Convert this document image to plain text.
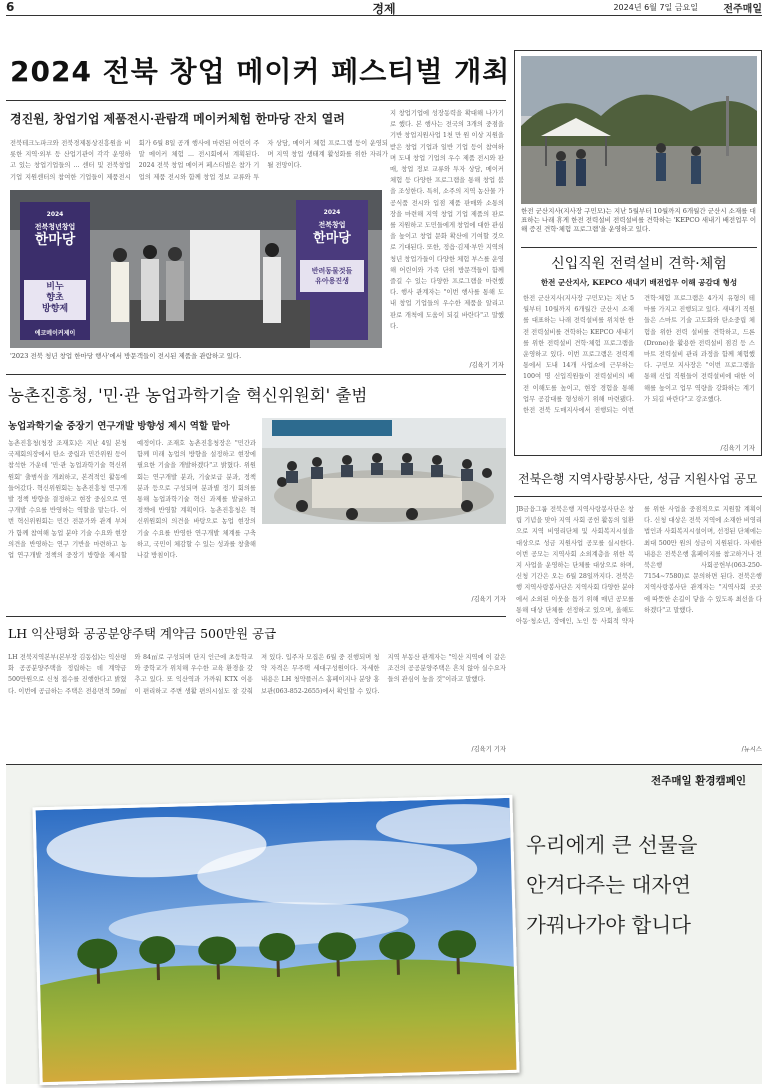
6	경제	2024년 6월 7일 금요일	전주매일
2024 전북 창업 메이커 페스티벌 개최
경진원, 창업기업 제품전시·관람객 메이커체험 한마당 잔치 열려
전북테크노파크와 전북경제통상진흥원을 비롯한 지역·외부 등 산업기관이 각각 운영하고 있는 창업기업들의 ... 센터 및 전북창업기업 지원센터의 참여한 기업들이 제품전시회가 6월 8일 공개 행사에 마련된 어린이 주말 메이커 체험 ... 전시회에서 계획된다. 2024 전북 창업 메이커 페스티벌은 참가 기업의 제품 전시와 함께 창업 정보 교류와 투자 상담, 메이커 체험 프로그램 등이 운영되며 지역 창업 생태계 활성화를 위한 자리가 될 전망이다.
2024
전북청년창업
한마당
비누
향초
방향제
에코메이커제이
2024
전북창업
한마당
반려동물것들
유아용진생
'2023 전북 청년 창업 한마당 행사'에서 방문객들이 전시된 제품을 관람하고 있다.
지 창업기업에 성장동력을 확대해 나가기로 했다. 본 행사는 전국의 3개의 중점을 기반 창업지원사업 1천 만 원 이상 지원을 받은 창업 기업과 일반 기업 등이 참여하며 도내 창업 기업의 우수 제품 전시와 판매, 창업 정보 교류와 투자 상담, 메이커 체험 등 다양한 프로그램을 통해 창업 붐을 조성한다. 특히, 소주의 지역 농산물 가공식품 전시와 입점 제품 판매와 소통의 장을 마련해 지역 창업 기업 제품의 판로를 지원하고 도민들에게 창업에 대한 관심을 높이고 창업 문화 확산에 기여할 것으로 기대된다. 또한, 정읍·김제·부안 지역의 청년 창업가들이 다양한 체험 부스를 운영해 어린이와 가족 단위 방문객들이 함께 즐길 수 있는 다양한 프로그램을 마련했다. 행사 관계자는 "이번 행사를 통해 도내 창업 기업들의 우수한 제품을 알리고 판로 개척에 도움이 되길 바란다"고 말했다.
/김육기 기자
한전 군산지사(지사장 구민모)는 지난 5월부터 10월까지 6개월간 군산시 소재를 대표하는 나래 휴게 한전 전력설비 전력설비를 견학하는 'KEPCO 새내기 배전업무 이해 증진 견학·체험 프로그램'을 운영하고 있다.
신입직원 전력설비 견학·체험
한전 군산지사, KEPCO 새내기 배전업무 이해 공감대 형성
한전 군산지사(지사장 구민모)는 지난 5월부터 10월까지 6개월간 군산시 소재를 대표하는 나래 전력설비를 위치한 한전 전력설비를 견학하는 KEPCO 새내기를 위한 전력설비 견학·체험 프로그램을 운영하고 있다. 이번 프로그램은 전력계통에서 도내 14개 사업소에 근무하는 100여 명 신입직원들이 전력설비의 배전 이해도를 높이고, 현장 경험을 통해 업무 공감대를 형성하기 위해 마련됐다. 한전 전북 도매지사에서 진행되는 이번 견학·체험 프로그램은 4가지 유형의 테마를 가지고 진행되고 있다. 새내기 직원들은 스마트 기술 고도화와 탄소중립 체험을 위한 전력 설비를 견학하고, 드론(Drone)을 활용한 전력설비 점검 등 스마트 전력설비 관리 과정을 함께 체험했다. 구민모 지사장은 "이번 프로그램을 통해 신입 직원들이 전력설비에 대한 이해를 높이고 업무 역량을 강화하는 계기가 되길 바란다"고 강조했다.
/김육기 기자
농촌진흥청, '민·관 농업과학기술 혁신위원회' 출범
농업과학기술 중장기 연구개발 방향성 제시 역할 맡아
농촌진흥청(청장 조재호)은 지난 4일 본청 국제회의장에서 탄소 중립과 민간위원 등이 참석한 가운데 '민·관 농업과학기술 혁신위원회' 출범식을 개최하고, 본격적인 활동에 들어갔다. 혁신위원회는 농촌진흥청 연구개발 정책 방향을 결정하고 현장 중심으로 연구개발 수요를 반영하는 역할을 맡는다. 이번 혁신위원회는 민간 전문가와 관계 부처가 함께 참여해 농업 분야 기술 수요와 현장 의견을 반영하는 연구 기반을 마련하고 농업 연구개발 정책의 중장기 방향을 제시할 예정이다. 조재호 농촌진흥청장은 "민간과 함께 미래 농업의 방향을 설정하고 현장에 필요한 기술을 개발하겠다"고 밝혔다. 위원회는 연구개발 분과, 기술보급 분과, 정책 분과 등으로 구성되며 분과별 정기 회의를 통해 농업과학기술 혁신 과제를 발굴하고 정책에 반영할 계획이다. 농촌진흥청은 혁신위원회의 의견을 바탕으로 농업 현장의 기술 수요를 반영한 연구개발 체계를 구축하고, 국민이 체감할 수 있는 성과를 창출해 나갈 방침이다.
/김육기 기자
전북은행 지역사랑봉사단, 성금 지원사업 공모
JB금융그룹 전북은행 지역사랑봉사단은 창립 기념을 맞아 지역 사회 공헌 활동의 일환으로 지역 비영리단체 및 사회복지시설을 대상으로 성금 지원사업 공모를 실시한다. 이번 공모는 지역사회 소외계층을 위한 복지 사업을 운영하는 단체를 대상으로 하며, 신청 기간은 오는 6월 28일까지다. 전북은행 지역사랑봉사단은 지역사회 다양한 분야에서 소외된 이웃을 돕기 위해 매년 공모를 통해 대상 단체를 선정하고 있으며, 올해도 아동·청소년, 장애인, 노인 등 사회적 약자를 위한 사업을 중점적으로 지원할 계획이다. 신청 대상은 전북 지역에 소재한 비영리 법인과 사회복지시설이며, 선정된 단체에는 최대 500만 원의 성금이 지원된다. 자세한 내용은 전북은행 홈페이지를 참고하거나 전북은행 사회공헌부(063-250-7154~7580)로 문의하면 된다. 전북은행 지역사랑봉사단 관계자는 "지역사회 곳곳에 따뜻한 손길이 닿을 수 있도록 최선을 다하겠다"고 말했다.
/뉴시스
LH 익산평화 공공분양주택 계약금 500만원 공급
LH 전북지역본부(본부장 김동섭)는 익산평화 공공분양주택을 정립하는 데 계약금 500만원으로 신청 접수를 진행한다고 밝혔다. 이번에 공급하는 주택은 전용면적 59㎡와 84㎡로 구성되며 단지 인근에 초등학교와 중학교가 위치해 우수한 교육 환경을 갖추고 있다. 또 익산역과 가까워 KTX 이용이 편리하고 주변 생활 편의시설도 잘 갖춰져 있다. 입주자 모집은 6월 중 진행되며 청약 자격은 무주택 세대구성원이다. 자세한 내용은 LH 청약플러스 홈페이지나 분양 홍보관(063-852-2655)에서 확인할 수 있다. 지역 부동산 관계자는 "익산 지역에 이 같은 조건의 공공분양주택은 흔치 않아 실수요자들의 관심이 높을 것"이라고 말했다.
/김육기 기자
전주매일 환경캠페인
우리에게 큰 선물을
안겨다주는 대자연
가꿔나가야 합니다
